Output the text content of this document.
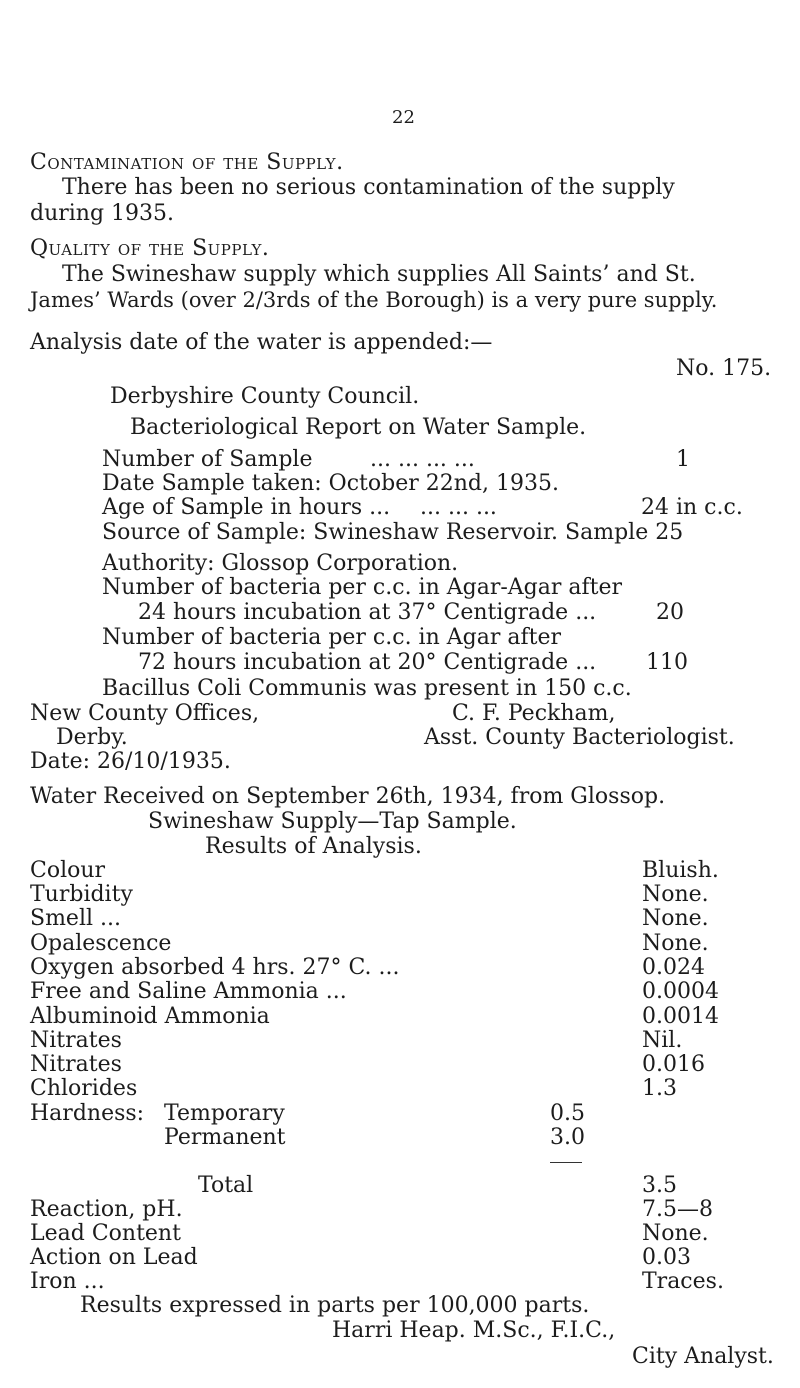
22
Contamination of the Supply.
There has been no serious contamination of the supply
during 1935.
Quality of the Supply.
The Swineshaw supply which supplies All Saints’ and St.
James’ Wards (over 2/3rds of the Borough) is a very pure supply.
Analysis date of the water is appended:—
No. 175.
Derbyshire County Council.
Bacteriological Report on Water Sample.
Number of Sample	... ... ... ...	1
Date Sample taken: October 22nd, 1935.
Age of Sample in hours ... ... ... ...	24 in c.c.
Source of Sample: Swineshaw Reservoir. Sample 25
Authority: Glossop Corporation.
Number of bacteria per c.c. in Agar-Agar after
24 hours incubation at 37° Centigrade ...	20
Number of bacteria per c.c. in Agar after
72 hours incubation at 20° Centigrade ... 110
Bacillus Coli Communis was present in 150 c.c.
New County Offices,	C. F. Peckham,
Derby.	Asst. County Bacteriologist.
Date: 26/10/1935.
Water Received on September 26th, 1934, from Glossop.
Swineshaw Supply—Tap Sample.
Results of Analysis.
Colour	Bluish.
Turbidity	None.
Smell ...	None.
Opalescence	None.
Oxygen absorbed 4 hrs. 27° C. ...	0.024
Free and Saline Ammonia ...	0.0004
Albuminoid Ammonia	0.0014
Nitrates	Nil.
Nitrates	0.016
Chlorides	1.3
Hardness: Temporary	0.5
Permanent	3.0
Total	3.5
Reaction, pH.	7.5—8
Lead Content	None.
Action on Lead	0.03
Iron ...	Traces.
Results expressed in parts per 100,000 parts.
Harri Heap. M.Sc., F.I.C.,
City Analyst.
